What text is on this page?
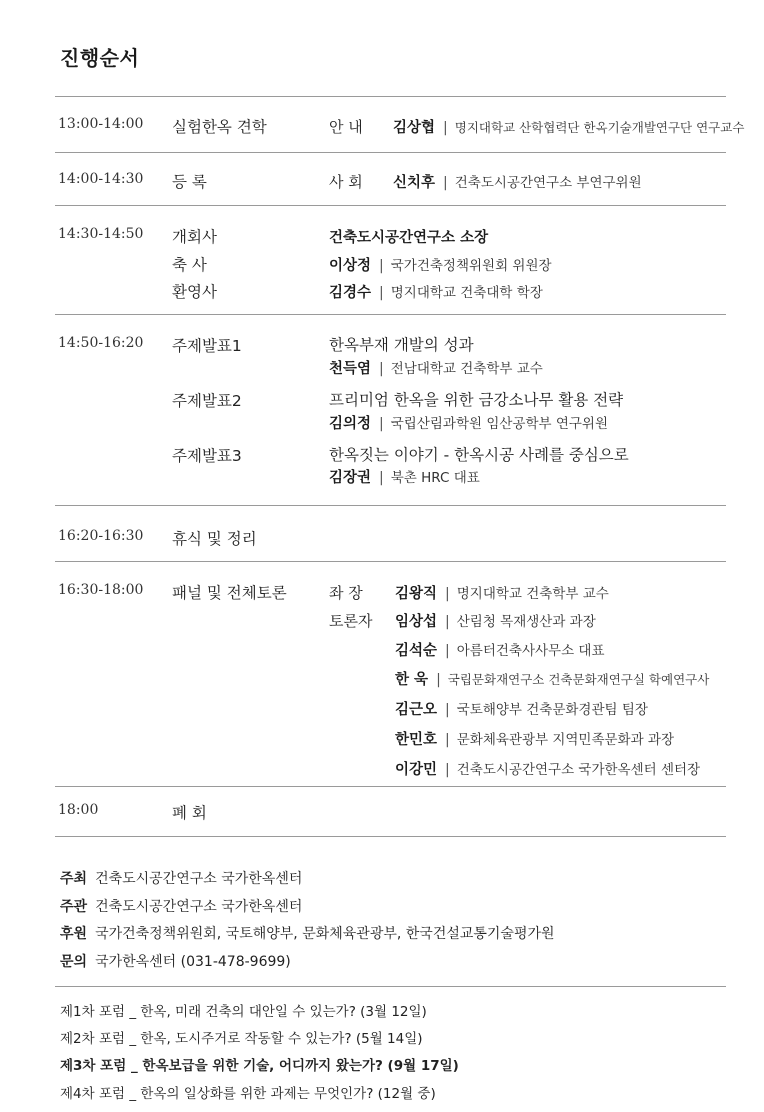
진행순서
13:00-14:00 실험한옥 견학	안 내 김상협 | 명지대학교 산학협력단 한옥기술개발연구단 연구교수
14:00-14:30 등 록	사 회 신치후 | 건축도시공간연구소 부연구위원
14:30-14:50 개회사	건축도시공간연구소 소장
축 사	이상정 | 국가건축정책위원회 위원장
환영사	김경수 | 명지대학교 건축대학 학장
14:50-16:20 주제발표1	한옥부재 개발의 성과
천득염 | 전남대학교 건축학부 교수
주제발표2	프리미엄 한옥을 위한 금강소나무 활용 전략
김의정 | 국립산림과학원 임산공학부 연구위원
주제발표3	한옥짓는 이야기 - 한옥시공 사례를 중심으로
김장권 | 북촌 HRC 대표
16:20-16:30 휴식 및 정리
16:30-18:00 패널 및 전체토론	좌 장 김왕직 | 명지대학교 건축학부 교수
토론자 임상섭 | 산림청 목재생산과 과장
김석순 | 아름터건축사사무소 대표
한 욱 | 국립문화재연구소 건축문화재연구실 학예연구사
김근오 | 국토해양부 건축문화경관팀 팀장
한민호 | 문화체육관광부 지역민족문화과 과장
이강민 | 건축도시공간연구소 국가한옥센터 센터장
18:00	폐 회
주최 건축도시공간연구소 국가한옥센터
주관 건축도시공간연구소 국가한옥센터
후원 국가건축정책위원회, 국토해양부, 문화체육관광부, 한국건설교통기술평가원
문의 국가한옥센터 (031-478-9699)
제1차 포럼 _ 한옥, 미래 건축의 대안일 수 있는가? (3월 12일)
제2차 포럼 _ 한옥, 도시주거로 작동할 수 있는가? (5월 14일)
제3차 포럼 _ 한옥보급을 위한 기술, 어디까지 왔는가? (9월 17일)
제4차 포럼 _ 한옥의 일상화를 위한 과제는 무엇인가? (12월 중)
